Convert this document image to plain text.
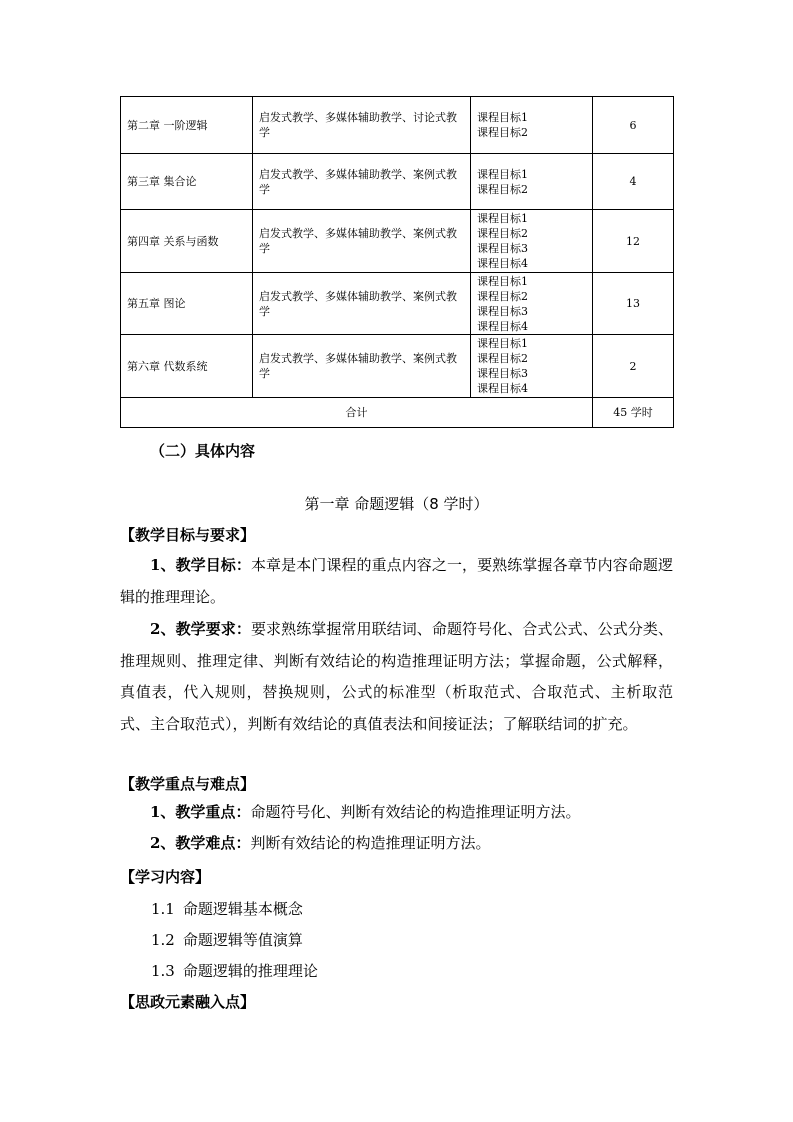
第二章 一阶逻辑	启发式教学、多媒体辅助教学、讨论式教学	课程目标1
课程目标2	6
第三章 集合论	启发式教学、多媒体辅助教学、案例式教学	课程目标1
课程目标2	4
第四章 关系与函数	启发式教学、多媒体辅助教学、案例式教学	课程目标1
课程目标2
课程目标3
课程目标4	12
第五章 图论	启发式教学、多媒体辅助教学、案例式教学	课程目标1
课程目标2
课程目标3
课程目标4	13
第六章 代数系统	启发式教学、多媒体辅助教学、案例式教学	课程目标1
课程目标2
课程目标3
课程目标4	2
合计			45 学时
（二）具体内容
第一章 命题逻辑（8 学时）
【教学目标与要求】
1、教学目标：本章是本门课程的重点内容之一，要熟练掌握各章节内容命题逻辑的推理理论。
2、教学要求：要求熟练掌握常用联结词、命题符号化、合式公式、公式分类、推理规则、推理定律、判断有效结论的构造推理证明方法；掌握命题，公式解释，真值表，代入规则，替换规则，公式的标准型（析取范式、合取范式、主析取范式、主合取范式），判断有效结论的真值表法和间接证法；了解联结词的扩充。
【教学重点与难点】
1、教学重点：命题符号化、判断有效结论的构造推理证明方法。
2、教学难点：判断有效结论的构造推理证明方法。
【学习内容】
1.1 命题逻辑基本概念
1.2 命题逻辑等值演算
1.3 命题逻辑的推理理论
【思政元素融入点】
